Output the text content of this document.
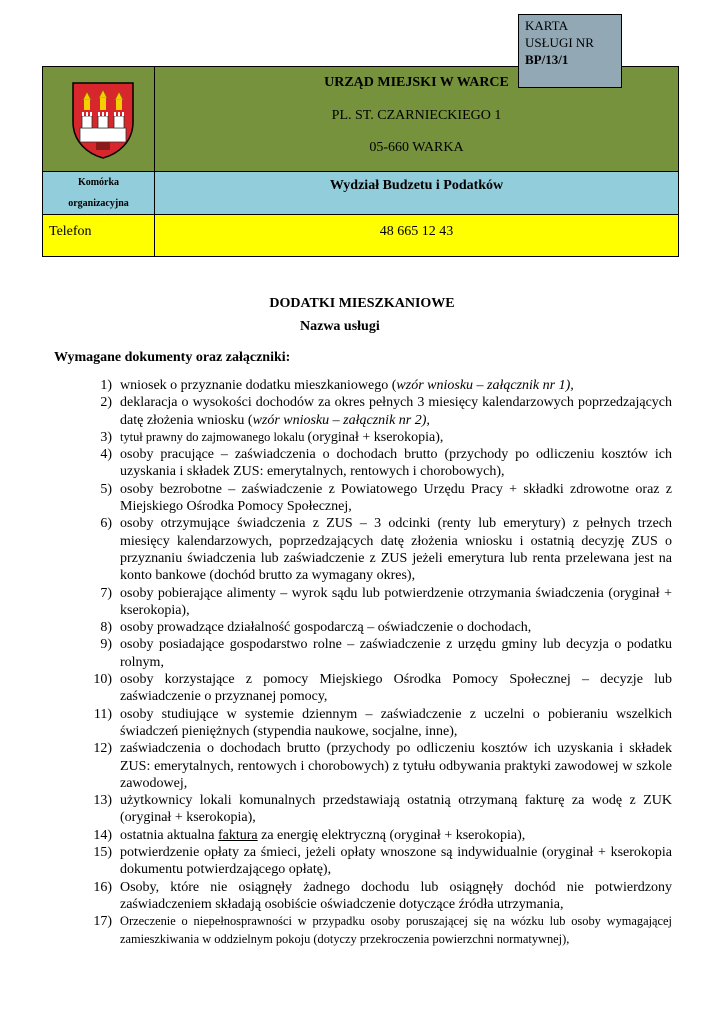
URZĄD MIEJSKI W WARCE
PL. ST. CZARNIECKIEGO 1
05-660 WARKA

Komórka
organizacyjna	Wydział Budzetu i Podatków

Telefon	48 665 12 43
KARTA
USŁUGI NR
BP/13/1
DODATKI MIESZKANIOWE
Nazwa usługi
Wymagane dokumenty oraz załączniki:
1) wniosek o przyznanie dodatku mieszkaniowego (wzór wniosku – załącznik nr 1),
2) deklaracja o wysokości dochodów za okres pełnych 3 miesięcy kalendarzowych poprzedzających datę złożenia wniosku (wzór wniosku – załącznik nr 2),
3) tytuł prawny do zajmowanego lokalu (oryginał + kserokopia),
4) osoby pracujące – zaświadczenia o dochodach brutto (przychody po odliczeniu kosztów ich uzyskania i składek ZUS: emerytalnych, rentowych i chorobowych),
5) osoby bezrobotne – zaświadczenie z Powiatowego Urzędu Pracy + składki zdrowotne oraz z Miejskiego Ośrodka Pomocy Społecznej,
6) osoby otrzymujące świadczenia z ZUS – 3 odcinki (renty lub emerytury) z pełnych trzech miesięcy kalendarzowych, poprzedzających datę złożenia wniosku i ostatnią decyzję ZUS o przyznaniu świadczenia lub zaświadczenie z ZUS jeżeli emerytura lub renta przelewana jest na konto bankowe (dochód brutto za wymagany okres),
7) osoby pobierające alimenty – wyrok sądu lub potwierdzenie otrzymania świadczenia (oryginał + kserokopia),
8) osoby prowadzące działalność gospodarczą – oświadczenie o dochodach,
9) osoby posiadające gospodarstwo rolne – zaświadczenie z urzędu gminy lub decyzja o podatku rolnym,
10) osoby korzystające z pomocy Miejskiego Ośrodka Pomocy Społecznej – decyzje lub zaświadczenie o przyznanej pomocy,
11) osoby studiujące w systemie dziennym – zaświadczenie z uczelni o pobieraniu wszelkich świadczeń pieniężnych (stypendia naukowe, socjalne, inne),
12) zaświadczenia o dochodach brutto (przychody po odliczeniu kosztów ich uzyskania i składek ZUS: emerytalnych, rentowych i chorobowych) z tytułu odbywania praktyki zawodowej w szkole zawodowej,
13) użytkownicy lokali komunalnych przedstawiają ostatnią otrzymaną fakturę za wodę z ZUK (oryginał + kserokopia),
14) ostatnia aktualna faktura za energię elektryczną (oryginał + kserokopia),
15) potwierdzenie opłaty za śmieci, jeżeli opłaty wnoszone są indywidualnie (oryginał + kserokopia dokumentu potwierdzającego opłatę),
16) Osoby, które nie osiągnęły żadnego dochodu lub osiągnęły dochód nie potwierdzony zaświadczeniem składają osobiście oświadczenie dotyczące źródła utrzymania,
17) Orzeczenie o niepełnosprawności w przypadku osoby poruszającej się na wózku lub osoby wymagającej zamieszkiwania w oddzielnym pokoju (dotyczy przekroczenia powierzchni normatywnej),
